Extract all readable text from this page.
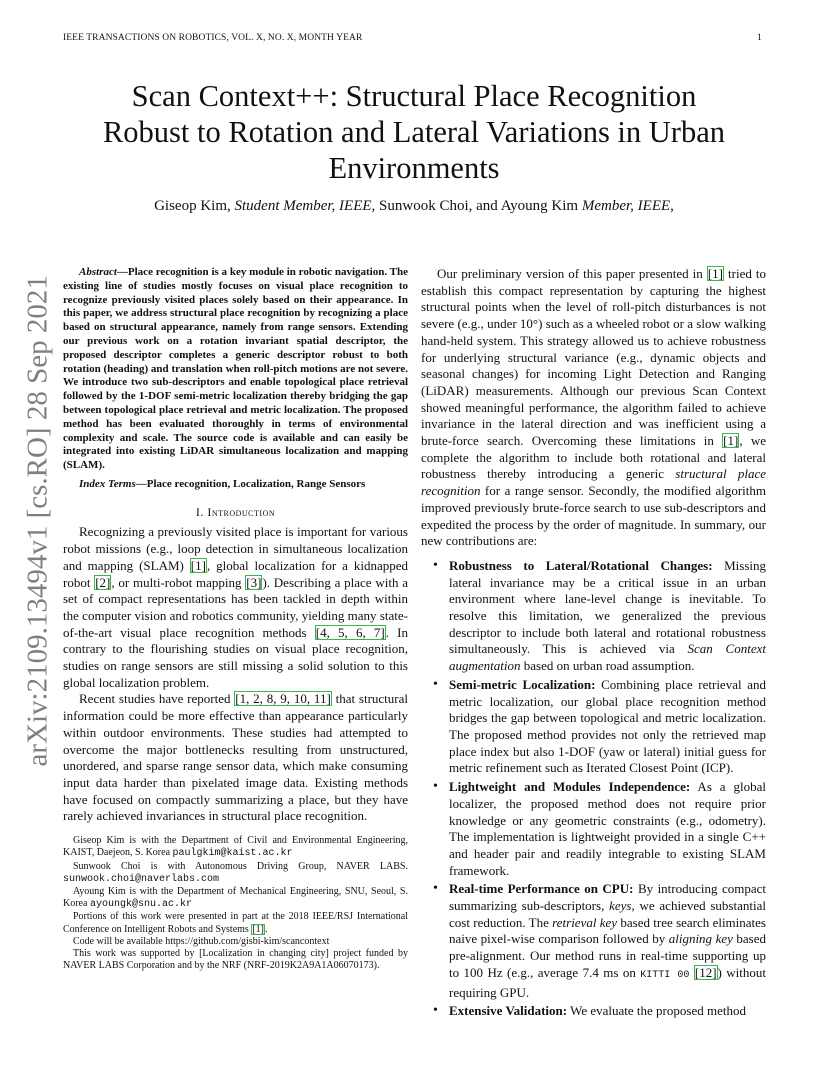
IEEE TRANSACTIONS ON ROBOTICS, VOL. X, NO. X, MONTH YEAR	1
arXiv:2109.13494v1 [cs.RO] 28 Sep 2021
Scan Context++: Structural Place Recognition Robust to Rotation and Lateral Variations in Urban Environments
Giseop Kim, Student Member, IEEE, Sunwook Choi, and Ayoung Kim Member, IEEE,

Abstract—Place recognition is a key module in robotic navigation. The existing line of studies mostly focuses on visual place recognition to recognize previously visited places solely based on their appearance. In this paper, we address structural place recognition by recognizing a place based on structural appearance, namely from range sensors. Extending our previous work on a rotation invariant spatial descriptor, the proposed descriptor completes a generic descriptor robust to both rotation (heading) and translation when roll-pitch motions are not severe. We introduce two sub-descriptors and enable topological place retrieval followed by the 1-DOF semi-metric localization thereby bridging the gap between topological place retrieval and metric localization. The proposed method has been evaluated thoroughly in terms of environmental complexity and scale. The source code is available and can easily be integrated into existing LiDAR simultaneous localization and mapping (SLAM).

Index Terms—Place recognition, Localization, Range Sensors

I. Introduction

Recognizing a previously visited place is important for various robot missions (e.g., loop detection in simultaneous localization and mapping (SLAM) [1], global localization for a kidnapped robot [2], or multi-robot mapping [3]). Describing a place with a set of compact representations has been tackled in depth within the computer vision and robotics community, yielding many state-of-the-art visual place recognition methods [4, 5, 6, 7]. In contrary to the flourishing studies on visual place recognition, studies on range sensors are still missing a solid solution to this global localization problem.

Recent studies have reported [1, 2, 8, 9, 10, 11] that structural information could be more effective than appearance particularly within outdoor environments. These studies had attempted to overcome the major bottlenecks resulting from unstructured, unordered, and sparse range sensor data, which make consuming input data harder than pixelated image data. Existing methods have focused on compactly summarizing a place, but they have rarely achieved invariances in structural place recognition.

Giseop Kim is with the Department of Civil and Environmental Engineering, KAIST, Daejeon, S. Korea paulgkim@kaist.ac.kr

Sunwook Choi is with Autonomous Driving Group, NAVER LABS. sunwook.choi@naverlabs.com

Ayoung Kim is with the Department of Mechanical Engineering, SNU, Seoul, S. Korea ayoungk@snu.ac.kr

Portions of this work were presented in part at the 2018 IEEE/RSJ International Conference on Intelligent Robots and Systems [1].

Code will be available https://github.com/gisbi-kim/scancontext

This work was supported by [Localization in changing city] project funded by NAVER LABS Corporation and by the NRF (NRF-2019K2A9A1A06070173).

Our preliminary version of this paper presented in [1] tried to establish this compact representation by capturing the highest structural points when the level of roll-pitch disturbances is not severe (e.g., under 10°) such as a wheeled robot or a slow walking hand-held system. This strategy allowed us to achieve robustness for underlying structural variance (e.g., dynamic objects and seasonal changes) for incoming Light Detection and Ranging (LiDAR) measurements. Although our previous Scan Context showed meaningful performance, the algorithm failed to achieve invariance in the lateral direction and was inefficient using a brute-force search. Overcoming these limitations in [1], we complete the algorithm to include both rotational and lateral robustness thereby introducing a generic structural place recognition for a range sensor. Secondly, the modified algorithm improved previously brute-force search to use sub-descriptors and expedited the process by the order of magnitude. In summary, our new contributions are:

• Robustness to Lateral/Rotational Changes: Missing lateral invariance may be a critical issue in an urban environment where lane-level change is inevitable. To resolve this limitation, we generalized the previous descriptor to include both lateral and rotational robustness simultaneously. This is achieved via Scan Context augmentation based on urban road assumption.
• Semi-metric Localization: Combining place retrieval and metric localization, our global place recognition method bridges the gap between topological and metric localization. The proposed method provides not only the retrieved map place index but also 1-DOF (yaw or lateral) initial guess for metric refinement such as Iterated Closest Point (ICP).
• Lightweight and Modules Independence: As a global localizer, the proposed method does not require prior knowledge or any geometric constraints (e.g., odometry). The implementation is lightweight provided in a single C++ and header pair and readily integrable to existing SLAM framework.
• Real-time Performance on CPU: By introducing compact summarizing sub-descriptors, keys, we achieved substantial cost reduction. The retrieval key based tree search eliminates naive pixel-wise comparison followed by aligning key based pre-alignment. Our method runs in real-time supporting up to 100 Hz (e.g., average 7.4 ms on KITTI 00 [12]) without requiring GPU.
• Extensive Validation: We evaluate the proposed method
